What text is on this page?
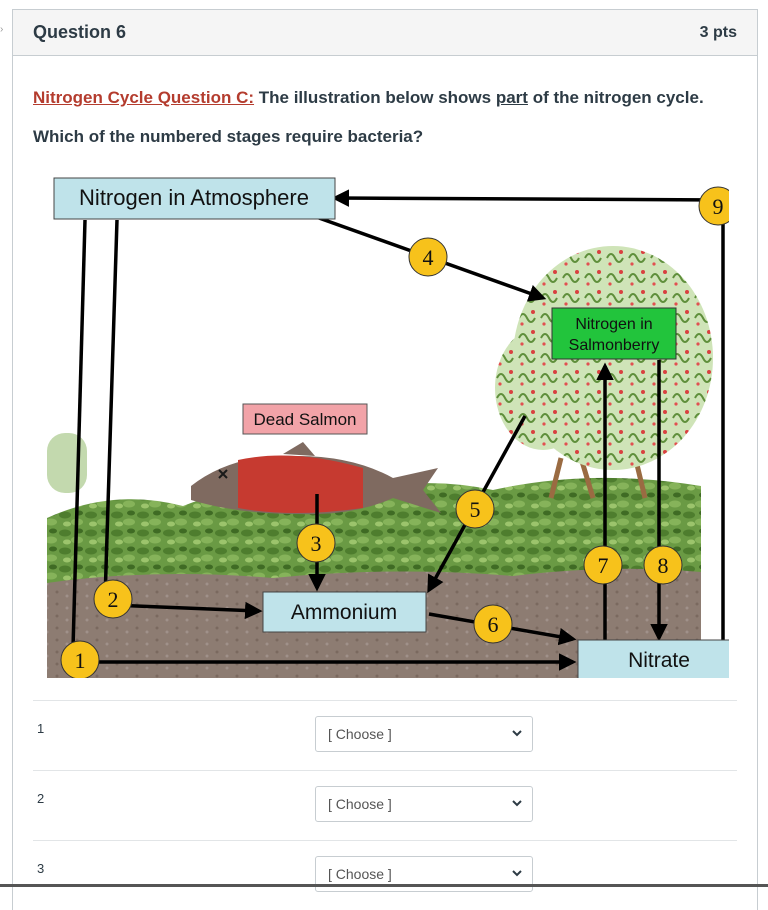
› Question 6	3 pts
Nitrogen Cycle Question C: The illustration below shows part of the nitrogen cycle.
Which of the numbered stages require bacteria?
Nitrogen in Atmosphere
Nitrogen in
Salmonberry
Dead Salmon
Ammonium
Nitrate
1
2
3
4
5
6
7 8
9
1	[ Choose ]
2	[ Choose ]
3	[ Choose ]
